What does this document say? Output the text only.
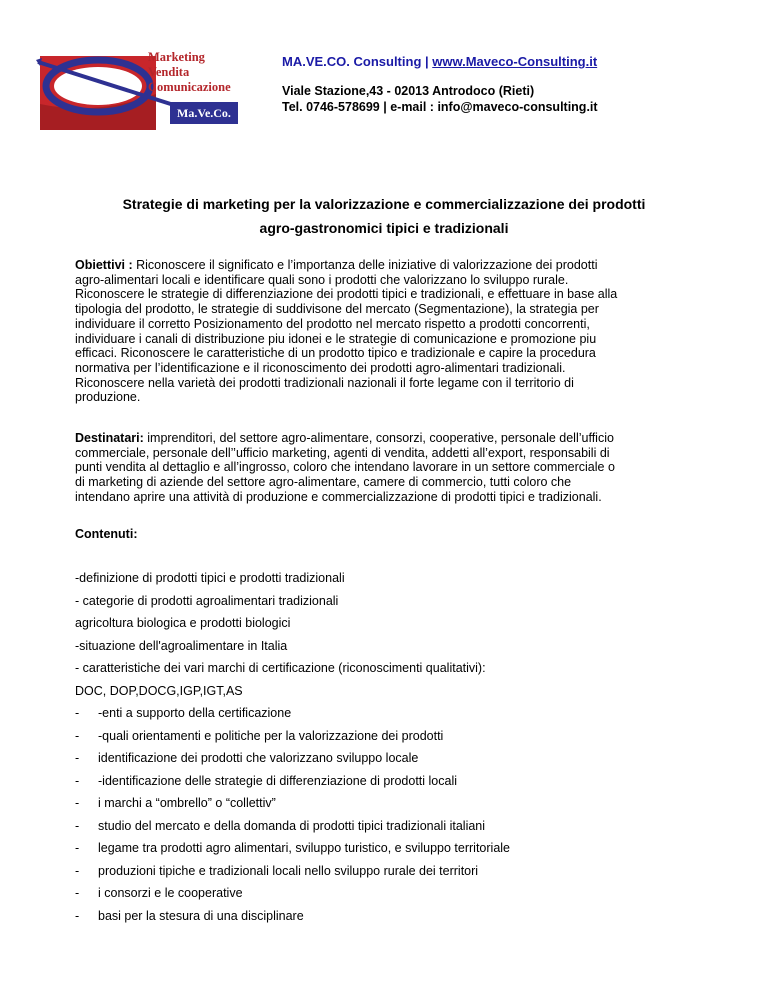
Marketing
Vendita
Comunicazione
Ma.Ve.Co.
MA.VE.CO. Consulting | www.Maveco-Consulting.it
Viale Stazione,43 - 02013 Antrodoco (Rieti)
Tel. 0746-578699 | e-mail : info@maveco-consulting.it
Strategie di marketing per la valorizzazione e commercializzazione dei prodotti
agro-gastronomici tipici e tradizionali
Obiettivi : Riconoscere il significato e l’importanza delle iniziative di valorizzazione dei prodotti
agro-alimentari locali e identificare quali sono i prodotti che valorizzano lo sviluppo rurale.
Riconoscere le strategie di differenziazione dei prodotti tipici e tradizionali, e effettuare in base alla
tipologia del prodotto, le strategie di suddivisone del mercato (Segmentazione), la strategia per
individuare il corretto Posizionamento del prodotto nel mercato rispetto a prodotti concorrenti,
individuare i canali di distribuzione piu idonei e le strategie di comunicazione e promozione piu
efficaci. Riconoscere le caratteristiche di un prodotto tipico e tradizionale e capire la procedura
normativa per l’identificazione e il riconoscimento dei prodotti agro-alimentari tradizionali.
Riconoscere nella varietà dei prodotti tradizionali nazionali il forte legame con il territorio di
produzione.
Destinatari: imprenditori, del settore agro-alimentare, consorzi, cooperative, personale dell’ufficio
commerciale, personale dell’’ufficio marketing, agenti di vendita, addetti all’export, responsabili di
punti vendita al dettaglio e all’ingrosso, coloro che intendano lavorare in un settore commerciale o
di marketing di aziende del settore agro-alimentare, camere di commercio, tutti coloro che
intendano aprire una attività di produzione e commercializzazione di prodotti tipici e tradizionali.
Contenuti:
-definizione di prodotti tipici e prodotti tradizionali
- categorie di prodotti agroalimentari tradizionali
agricoltura biologica e prodotti biologici
-situazione dell'agroalimentare in Italia
- caratteristiche dei vari marchi di certificazione (riconoscimenti qualitativi):
DOC, DOP,DOCG,IGP,IGT,AS
- -enti a supporto della certificazione
- -quali orientamenti e politiche per la valorizzazione dei prodotti
- identificazione dei prodotti che valorizzano sviluppo locale
- -identificazione delle strategie di differenziazione di prodotti locali
- i marchi a “ombrello” o “collettiv”
- studio del mercato e della domanda di prodotti tipici tradizionali italiani
- legame tra prodotti agro alimentari, sviluppo turistico, e sviluppo territoriale
- produzioni tipiche e tradizionali locali nello sviluppo rurale dei territori
- i consorzi e le cooperative
- basi per la stesura di una disciplinare
